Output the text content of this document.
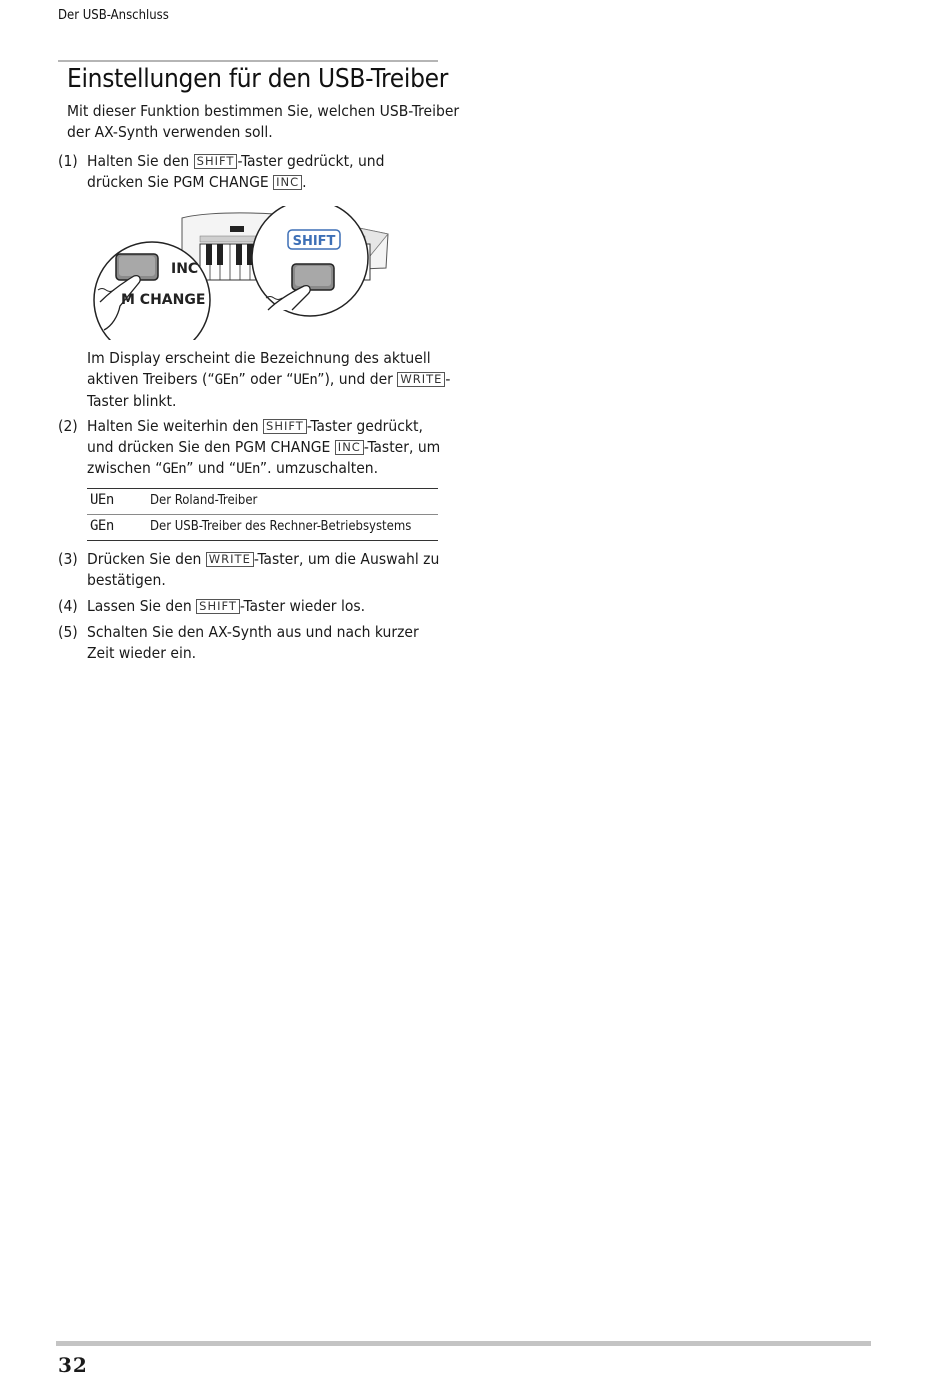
Der USB-Anschluss
Einstellungen für den USB-Treiber
Mit dieser Funktion bestimmen Sie, welchen USB-Treiber
der AX-Synth verwenden soll.
(1) Halten Sie den SHIFT -Taster gedrückt, und
drücken Sie PGM CHANGE INC .
INC
M CHANGE
SHIFT
Im Display erscheint die Bezeichnung des aktuell
aktiven Treibers (“GEn” oder “UEn”), und der WRITE -
Taster blinkt.
(2) Halten Sie weiterhin den SHIFT -Taster gedrückt,
und drücken Sie den PGM CHANGE INC -Taster, um
zwischen “GEn” und “UEn”. umzuschalten.
UEn	Der Roland-Treiber
GEn	Der USB-Treiber des Rechner-Betriebsystems
(3) Drücken Sie den WRITE -Taster, um die Auswahl zu
bestätigen.
(4) Lassen Sie den SHIFT -Taster wieder los.
(5) Schalten Sie den AX-Synth aus und nach kurzer
Zeit wieder ein.
32
